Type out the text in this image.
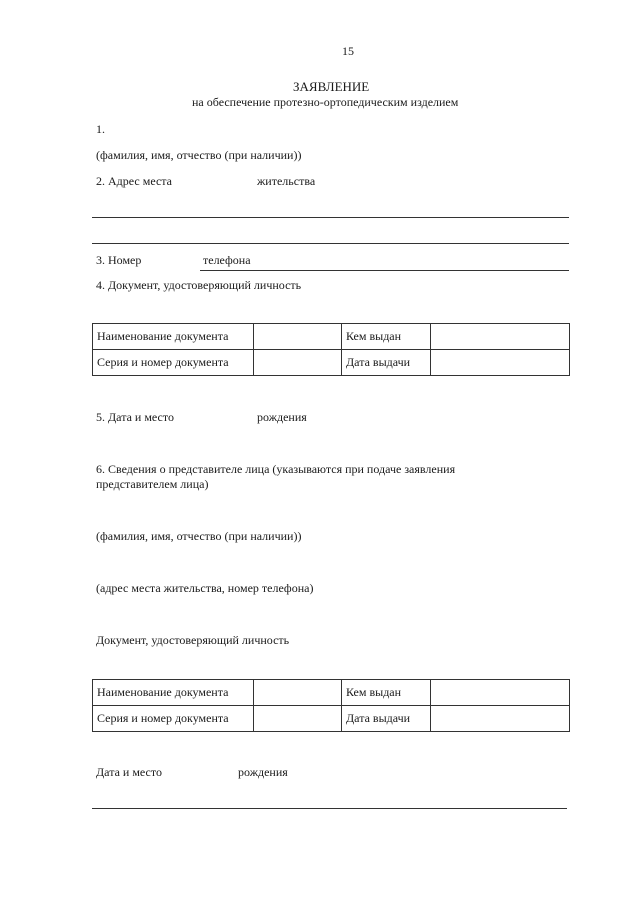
15
ЗАЯВЛЕНИЕ
на обеспечение протезно-ортопедическим изделием
1.
(фамилия, имя, отчество (при наличии))
2. Адрес места	жительства
3. Номер	телефона
4. Документ, удостоверяющий личность
Наименование документа		Кем выдан	
Серия и номер документа		Дата выдачи	
5. Дата и место	рождения
6. Сведения о представителе лица (указываются при подаче заявления
представителем лица)
(фамилия, имя, отчество (при наличии))
(адрес места жительства, номер телефона)
Документ, удостоверяющий личность
Наименование документа		Кем выдан	
Серия и номер документа		Дата выдачи	
Дата и место	рождения
